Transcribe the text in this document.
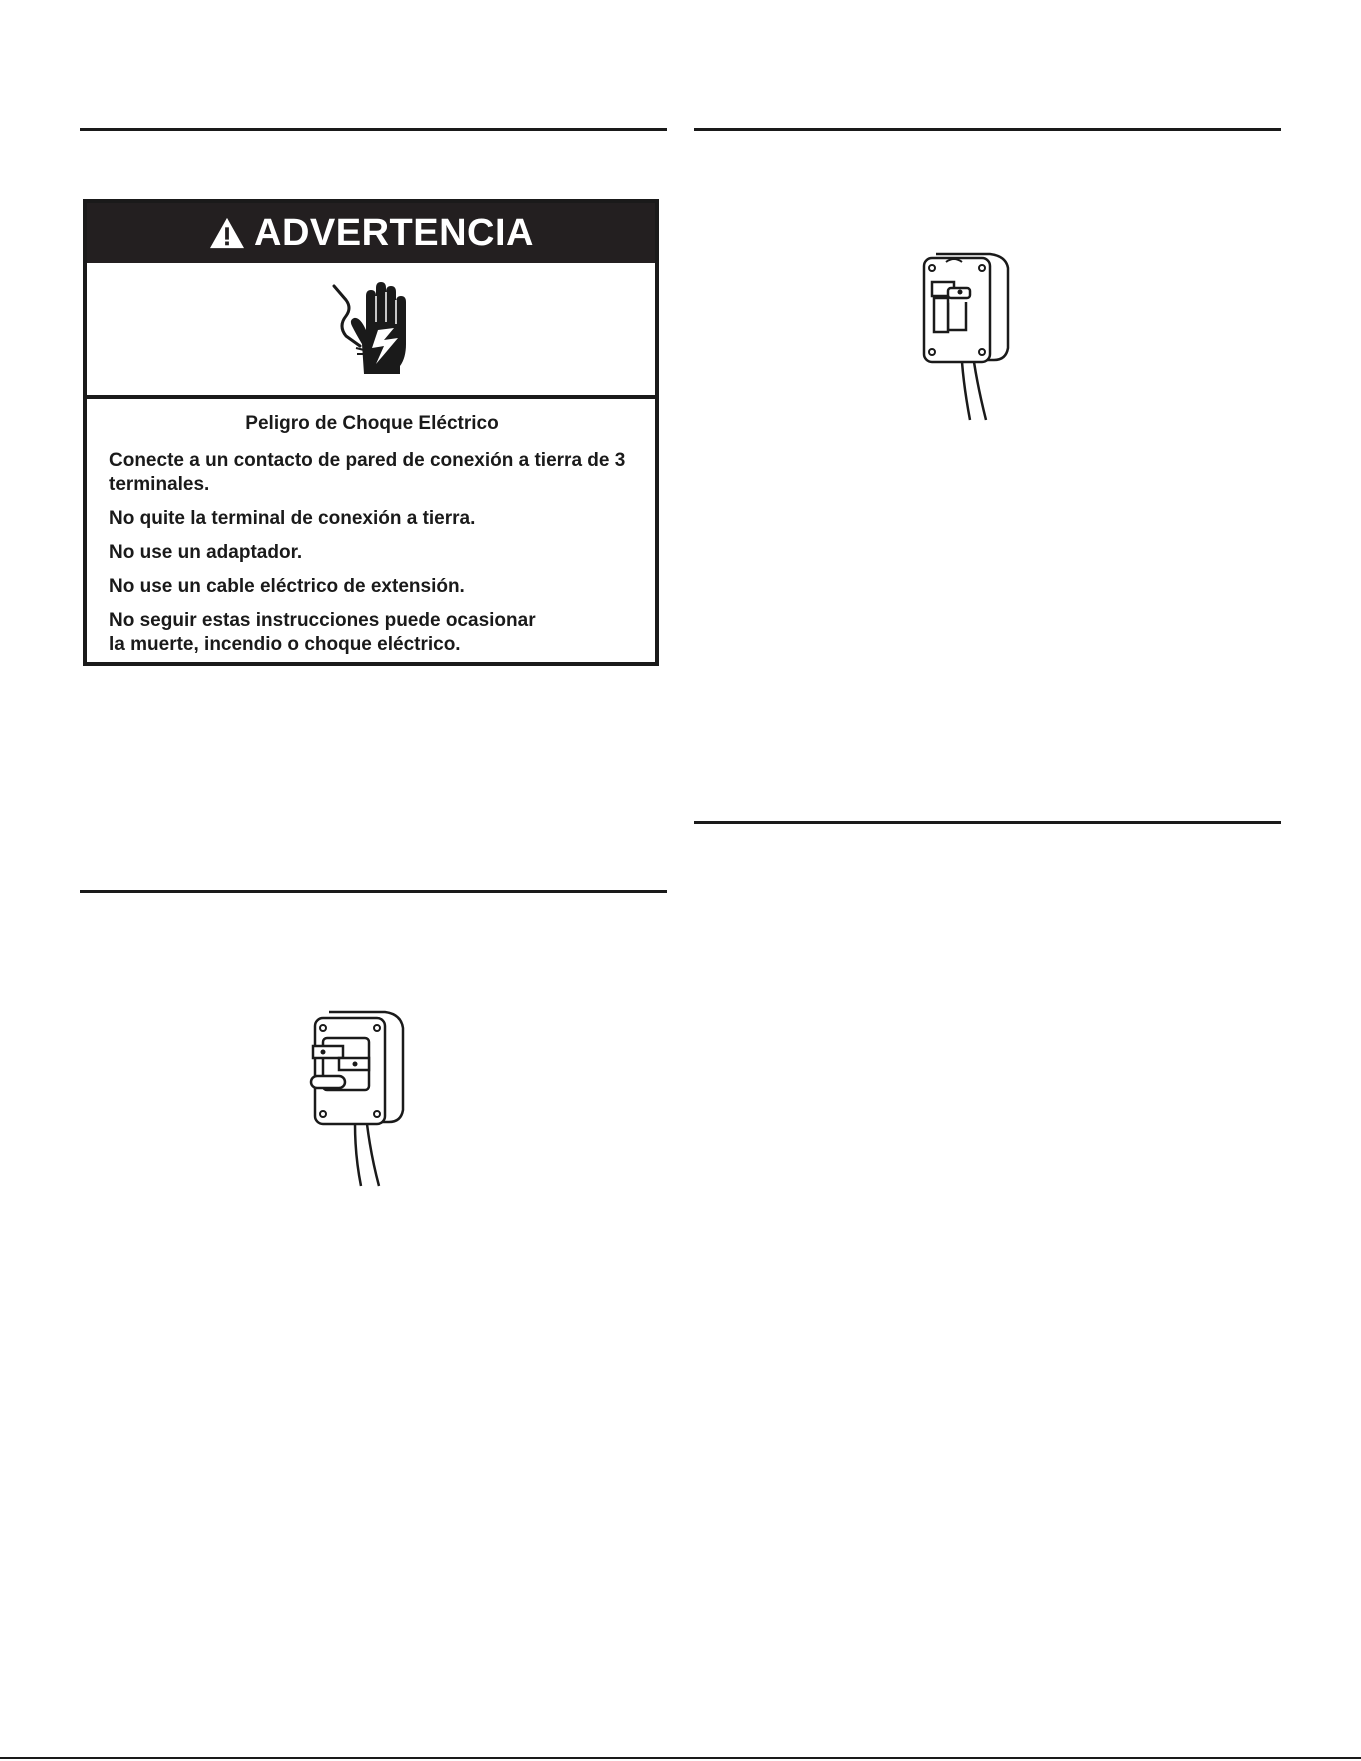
ADVERTENCIA

Peligro de Choque Eléctrico

Conecte a un contacto de pared de conexión a tierra de 3 terminales.

No quite la terminal de conexión a tierra.

No use un adaptador.

No use un cable eléctrico de extensión.

No seguir estas instrucciones puede ocasionar la muerte, incendio o choque eléctrico.
